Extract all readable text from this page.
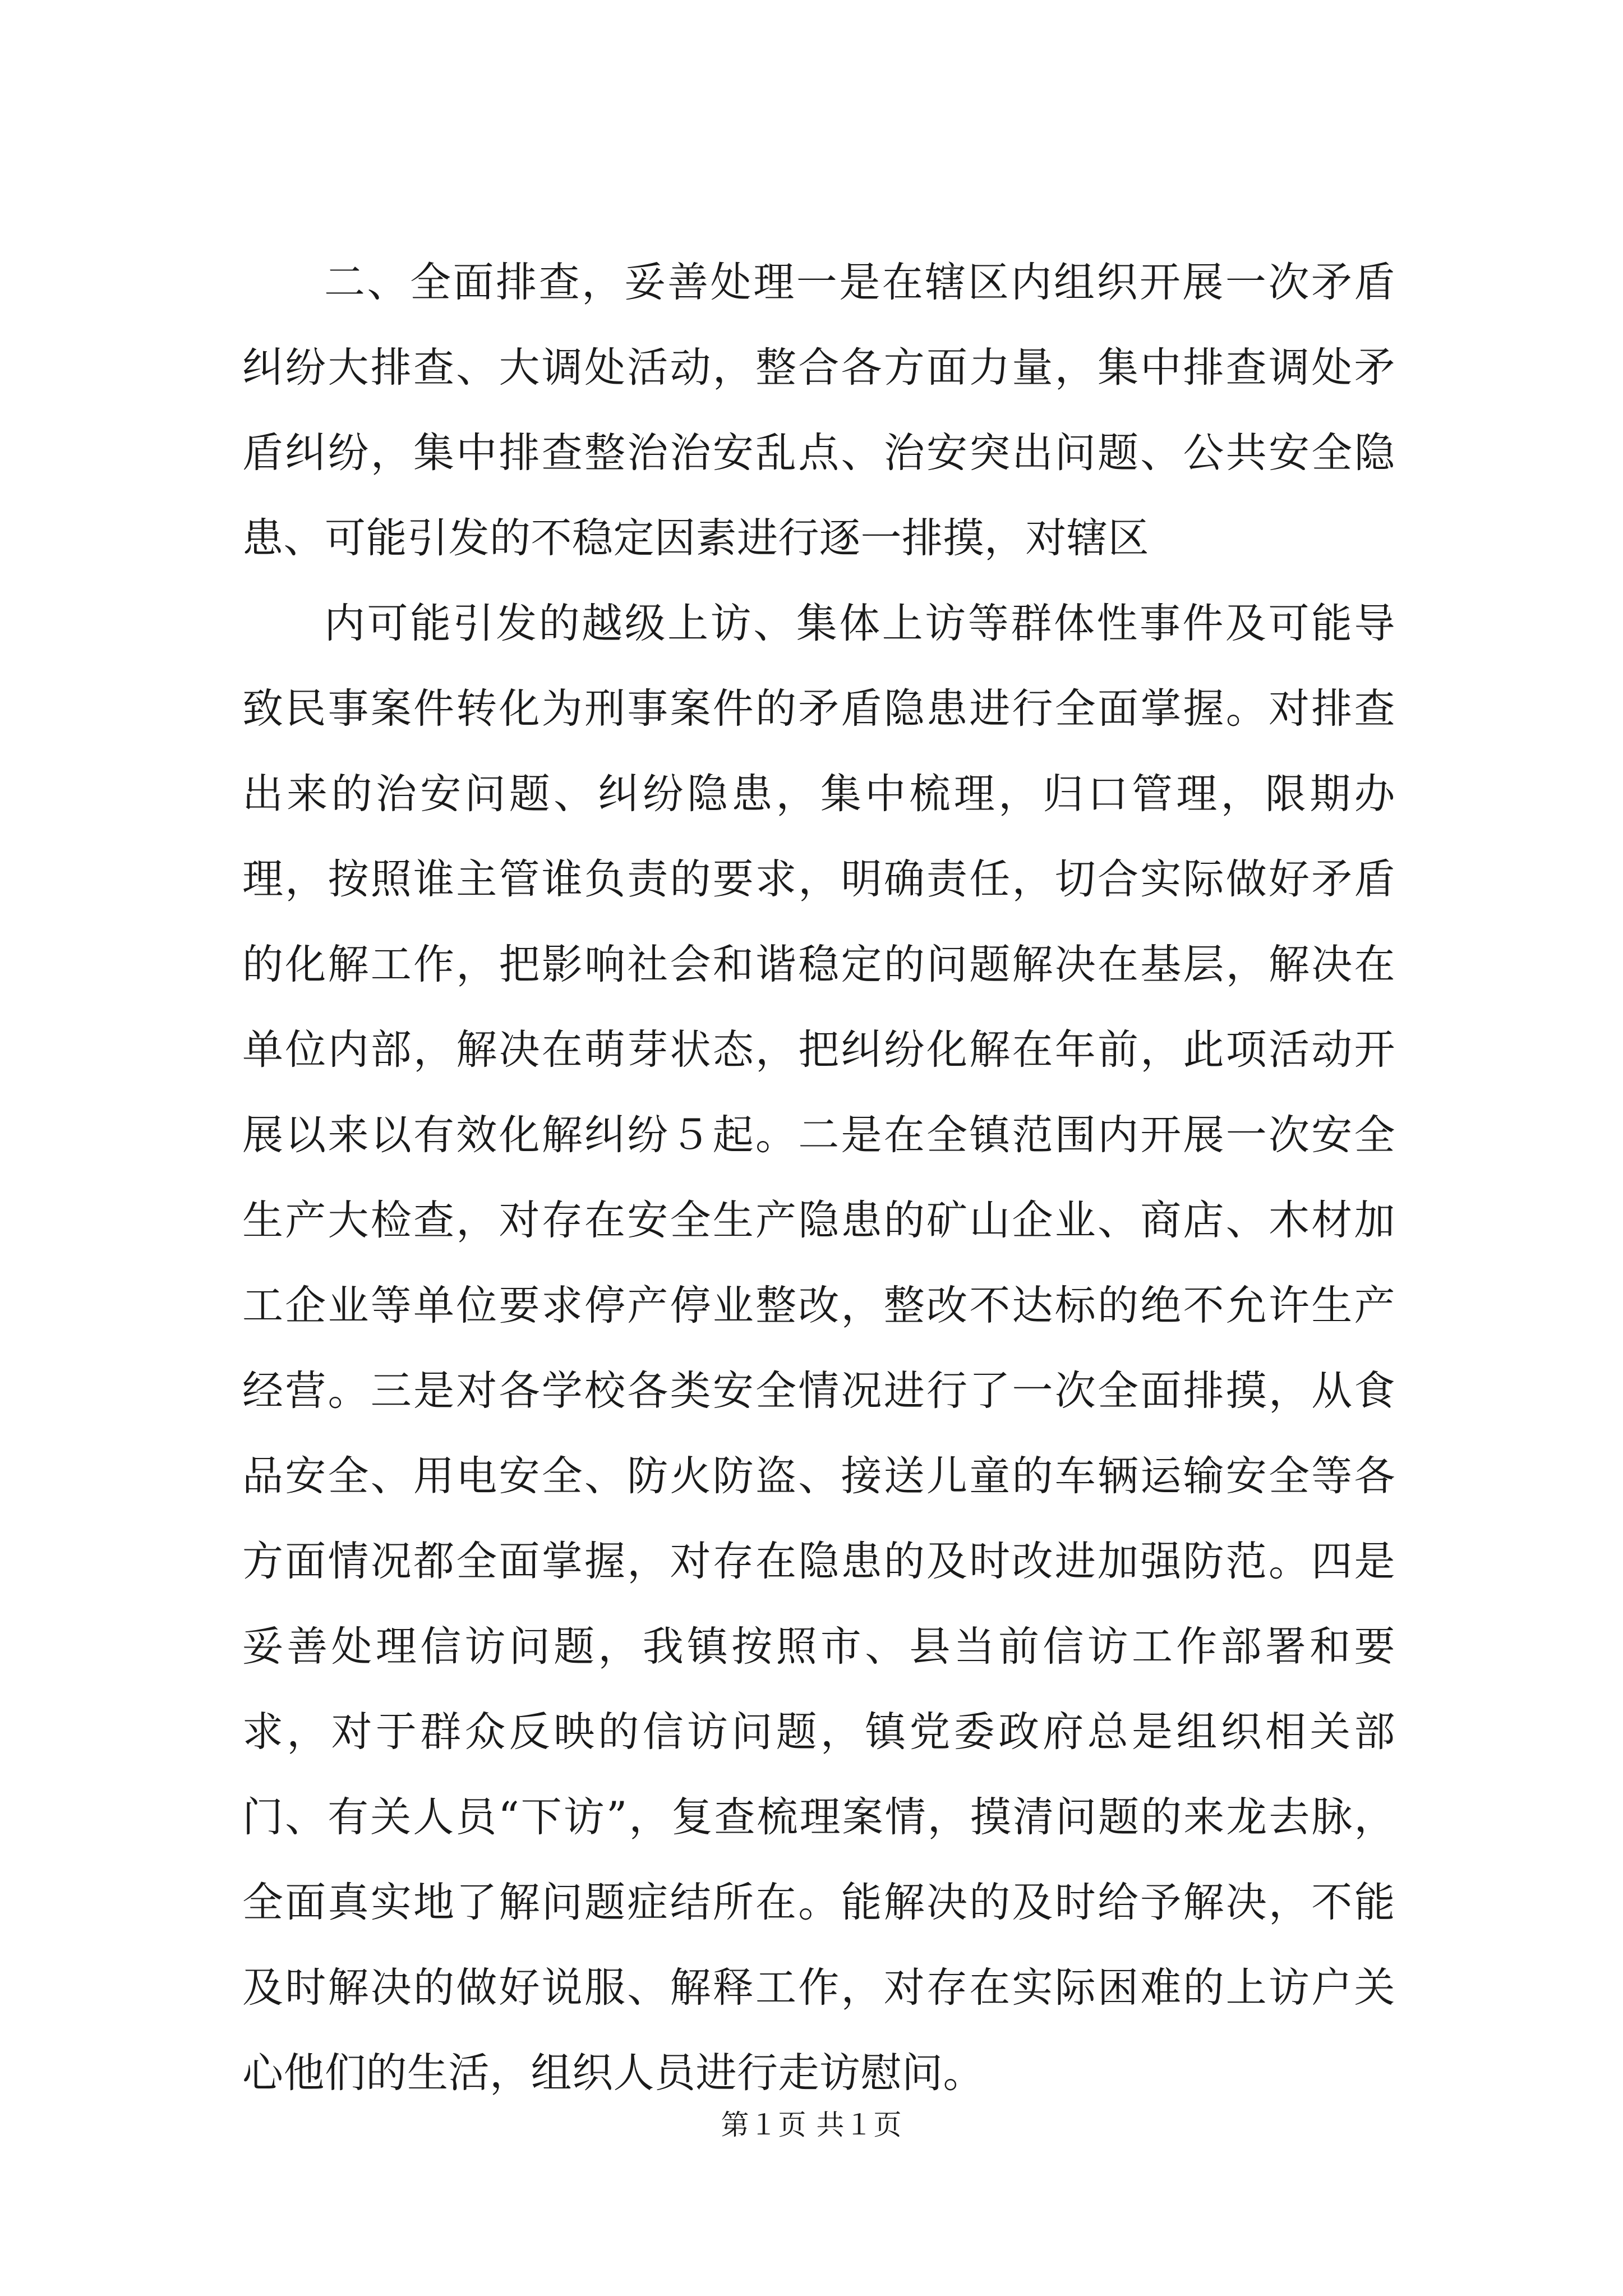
二、全面排查，妥善处理一是在辖区内组织开展一次矛盾纠纷大排查、大调处活动，整合各方面力量，集中排查调处矛盾纠纷，集中排查整治治安乱点、治安突出问题、公共安全隐患、可能引发的不稳定因素进行逐一排摸，对辖区

内可能引发的越级上访、集体上访等群体性事件及可能导致民事案件转化为刑事案件的矛盾隐患进行全面掌握。对排查出来的治安问题、纠纷隐患，集中梳理，归口管理，限期办理，按照谁主管谁负责的要求，明确责任，切合实际做好矛盾的化解工作，把影响社会和谐稳定的问题解决在基层，解决在单位内部，解决在萌芽状态，把纠纷化解在年前，此项活动开展以来以有效化解纠纷５起。二是在全镇范围内开展一次安全生产大检查，对存在安全生产隐患的矿山企业、商店、木材加工企业等单位要求停产停业整改，整改不达标的绝不允许生产经营。三是对各学校各类安全情况进行了一次全面排摸，从食品安全、用电安全、防火防盗、接送儿童的车辆运输安全等各方面情况都全面掌握，对存在隐患的及时改进加强防范。四是妥善处理信访问题，我镇按照市、县当前信访工作部署和要求，对于群众反映的信访问题，镇党委政府总是组织相关部门、有关人员“下访”，复查梳理案情，摸清问题的来龙去脉，全面真实地了解问题症结所在。能解决的及时给予解决，不能及时解决的做好说服、解释工作，对存在实际困难的上访户关心他们的生活，组织人员进行走访慰问。

第１页 共１页
